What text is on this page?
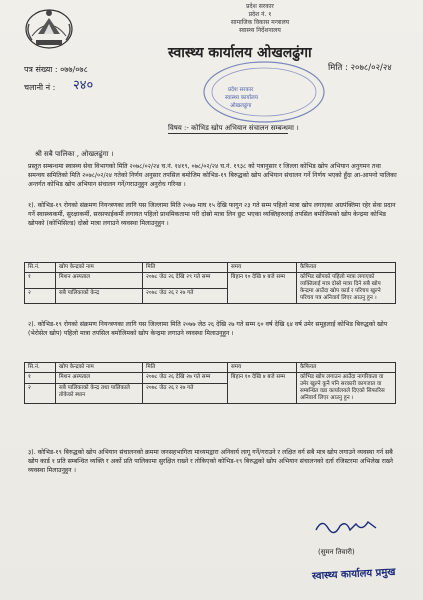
प्रदेश सरकार
प्रदेश नं. १
सामाजिक विकास मन्त्रालय
स्वास्थ्य निर्देशनालय
प्रदेश सरकार
स्वास्थ्य कार्यालय
ओखलढुंगा
स्वास्थ्य कार्यालय ओखलढुंगा
पत्र संख्या : ०७७/०७८	मिति : २०७८/०२/२४
चलानी नं : २४०
विषय :- कोभिड खोप अभियान संचालन सम्बन्धमा ।
श्री सबै पालिका , ओखलढुंगा ।
प्रस्तुत सम्बन्धमा स्वास्थ्य सेवा विभागको मिति २०७८/०२/२४ च.नं. १४१९, ०७८/०२/२४ च.नं. १९३८ को पत्रानुसार र जिल्ला कोभिड खोप अभियान अनुगमन तथा समन्वय समितिको मिति २०७८/०२/२४ गतेको निर्णय अनुसार तपसिल बमोजिम कोभिड-१९ बिरुद्धको खोप अभियान संचालन गर्ने निर्णय भएको हुँदा आ-आफ्नो पालिका अन्तर्गत कोभिड खोप अभियान संचालन गर्ने/गराउनुहुन अनुरोध गरिन्छ ।
१). कोभिड-१९ रोगको संक्रमण नियन्त्रणका लागि यस जिल्लामा मिति २०७७ माघ १५ देखि फागुन २३ गते सम्म पहिलो मात्रा खोप लगाएका अग्रपंक्तिमा रहेर सेवा प्रदान गर्ने स्वास्थ्यकर्मी, सुरक्षाकर्मी, सरसफाईकर्मी लगायत पहिलो प्राथमिकतामा परी दोस्रो मात्रा लिन छुट भएका व्यक्तिहरुलाई तपसिल बमोजिमको खोप केन्द्रमा कोभिड खोपको (कोभिसिल्ड) दोस्रो मात्रा लगाउने व्यवस्था मिलाउनुहुन ।
सि.नं.	खोप केन्द्रको नाम	मिति	समय	कैफियत
१	मिशन अस्पताल	२०७८ जेठ २६ देखि २९ गते सम्म	बिहान १० देखि ४ बजे सम्म	कोभिड खोपको पहिलो मात्रा लगाएको व्यक्तिलाई मात्र दोस्रो मात्रा दिने सबै खोप केन्द्रमा आउँदा खोप कार्ड र परिचय खुल्ने परिचय पत्र अनिवार्य लिएर आउनु हुन ।
२	सबै पालिकाको केन्द्र	२०७८ जेठ २६ र २७ गते		
२). कोभिड-१९ रोगको संक्रमण नियन्त्रणका लागि यस जिल्लामा मिति २०७७ जेठ २६ देखि २७ गते सम्म ६० वर्ष देखि ६४ वर्ष उमेर समूहलाई कोभिड बिरुद्धको खोप (भेरोसेल खोप) पहिलो मात्रा तपसिल बमोजिमको खोप केन्द्रमा लगाउने व्यवस्था मिलाउनुहुन ।
सि.नं.	खोप केन्द्रको नाम	मिति	समय	कैफियत
१	मिशन अस्पताल	२०७८ जेठ २६ देखि २७ गते सम्म	बिहान १० देखि ४ बजे सम्म	कोभिड खोप लगाउन आउँदा नागरिकता वा उमेर खुल्ने कुनै पनि सरकारी कागजात वा सम्बन्धित वडा कार्यालयले दिएको सिफारिस अनिवार्य लिएर आउनु हुन ।
२	सबै पालिकाको केन्द्र तथा पालिकाले तोकेको स्थान	२०७८ जेठ २६ र २७ गते		
३). कोभिड-१९ बिरुद्धको खोप अभियान संचालनको क्रममा जनसहभागिता माध्यमद्वारा अनिवार्य लागू गर्ने/गराउने र लक्षित वर्ग सबै मात्र खोप लगाउने व्यवस्था गर्न सबै खोप कार्ड १ प्रति सम्बन्धित व्यक्ति र अर्को प्रति पालिकामा सुरक्षित राख्ने र तोकिएको कोभिड-१९ बिरुद्धको खोप अभियान संचालनको दर्ता रजिस्टरमा अभिलेख राख्ने व्यवस्था मिलाउनुहुन ।
(सुमन तिवारी)
स्वास्थ्य कार्यालय प्रमुख
